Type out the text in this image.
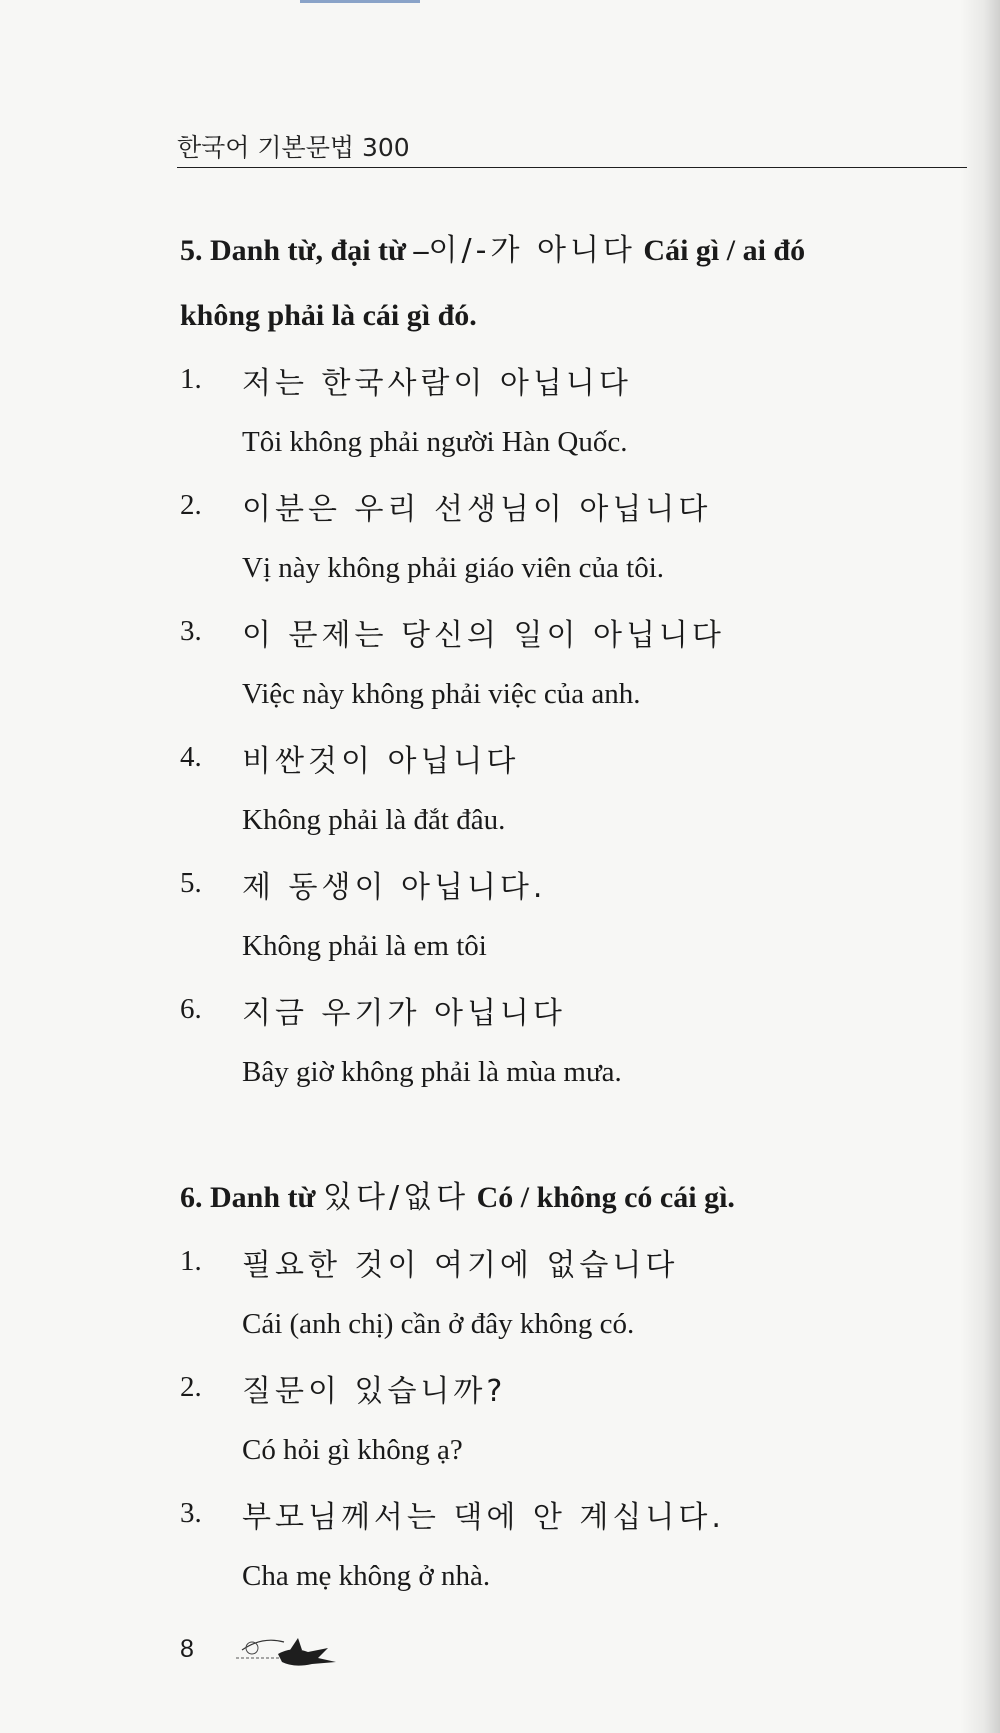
한국어 기본문법 300
5. Danh từ, đại từ –이/-가 아니다 Cái gì / ai đó
không phải là cái gì đó.
1.	저는 한국사람이 아닙니다
Tôi không phải người Hàn Quốc.
2.	이분은 우리 선생님이 아닙니다
Vị này không phải giáo viên của tôi.
3.	이 문제는 당신의 일이 아닙니다
Việc này không phải việc của anh.
4.	비싼것이 아닙니다
Không phải là đắt đâu.
5.	제 동생이 아닙니다.
Không phải là em tôi
6.	지금 우기가 아닙니다
Bây giờ không phải là mùa mưa.
6. Danh từ 있다/없다 Có / không có cái gì.
1.	필요한 것이 여기에 없습니다
Cái (anh chị) cần ở đây không có.
2.	질문이 있습니까?
Có hỏi gì không ạ?
3.	부모님께서는 댁에 안 계십니다.
Cha mẹ không ở nhà.
8
